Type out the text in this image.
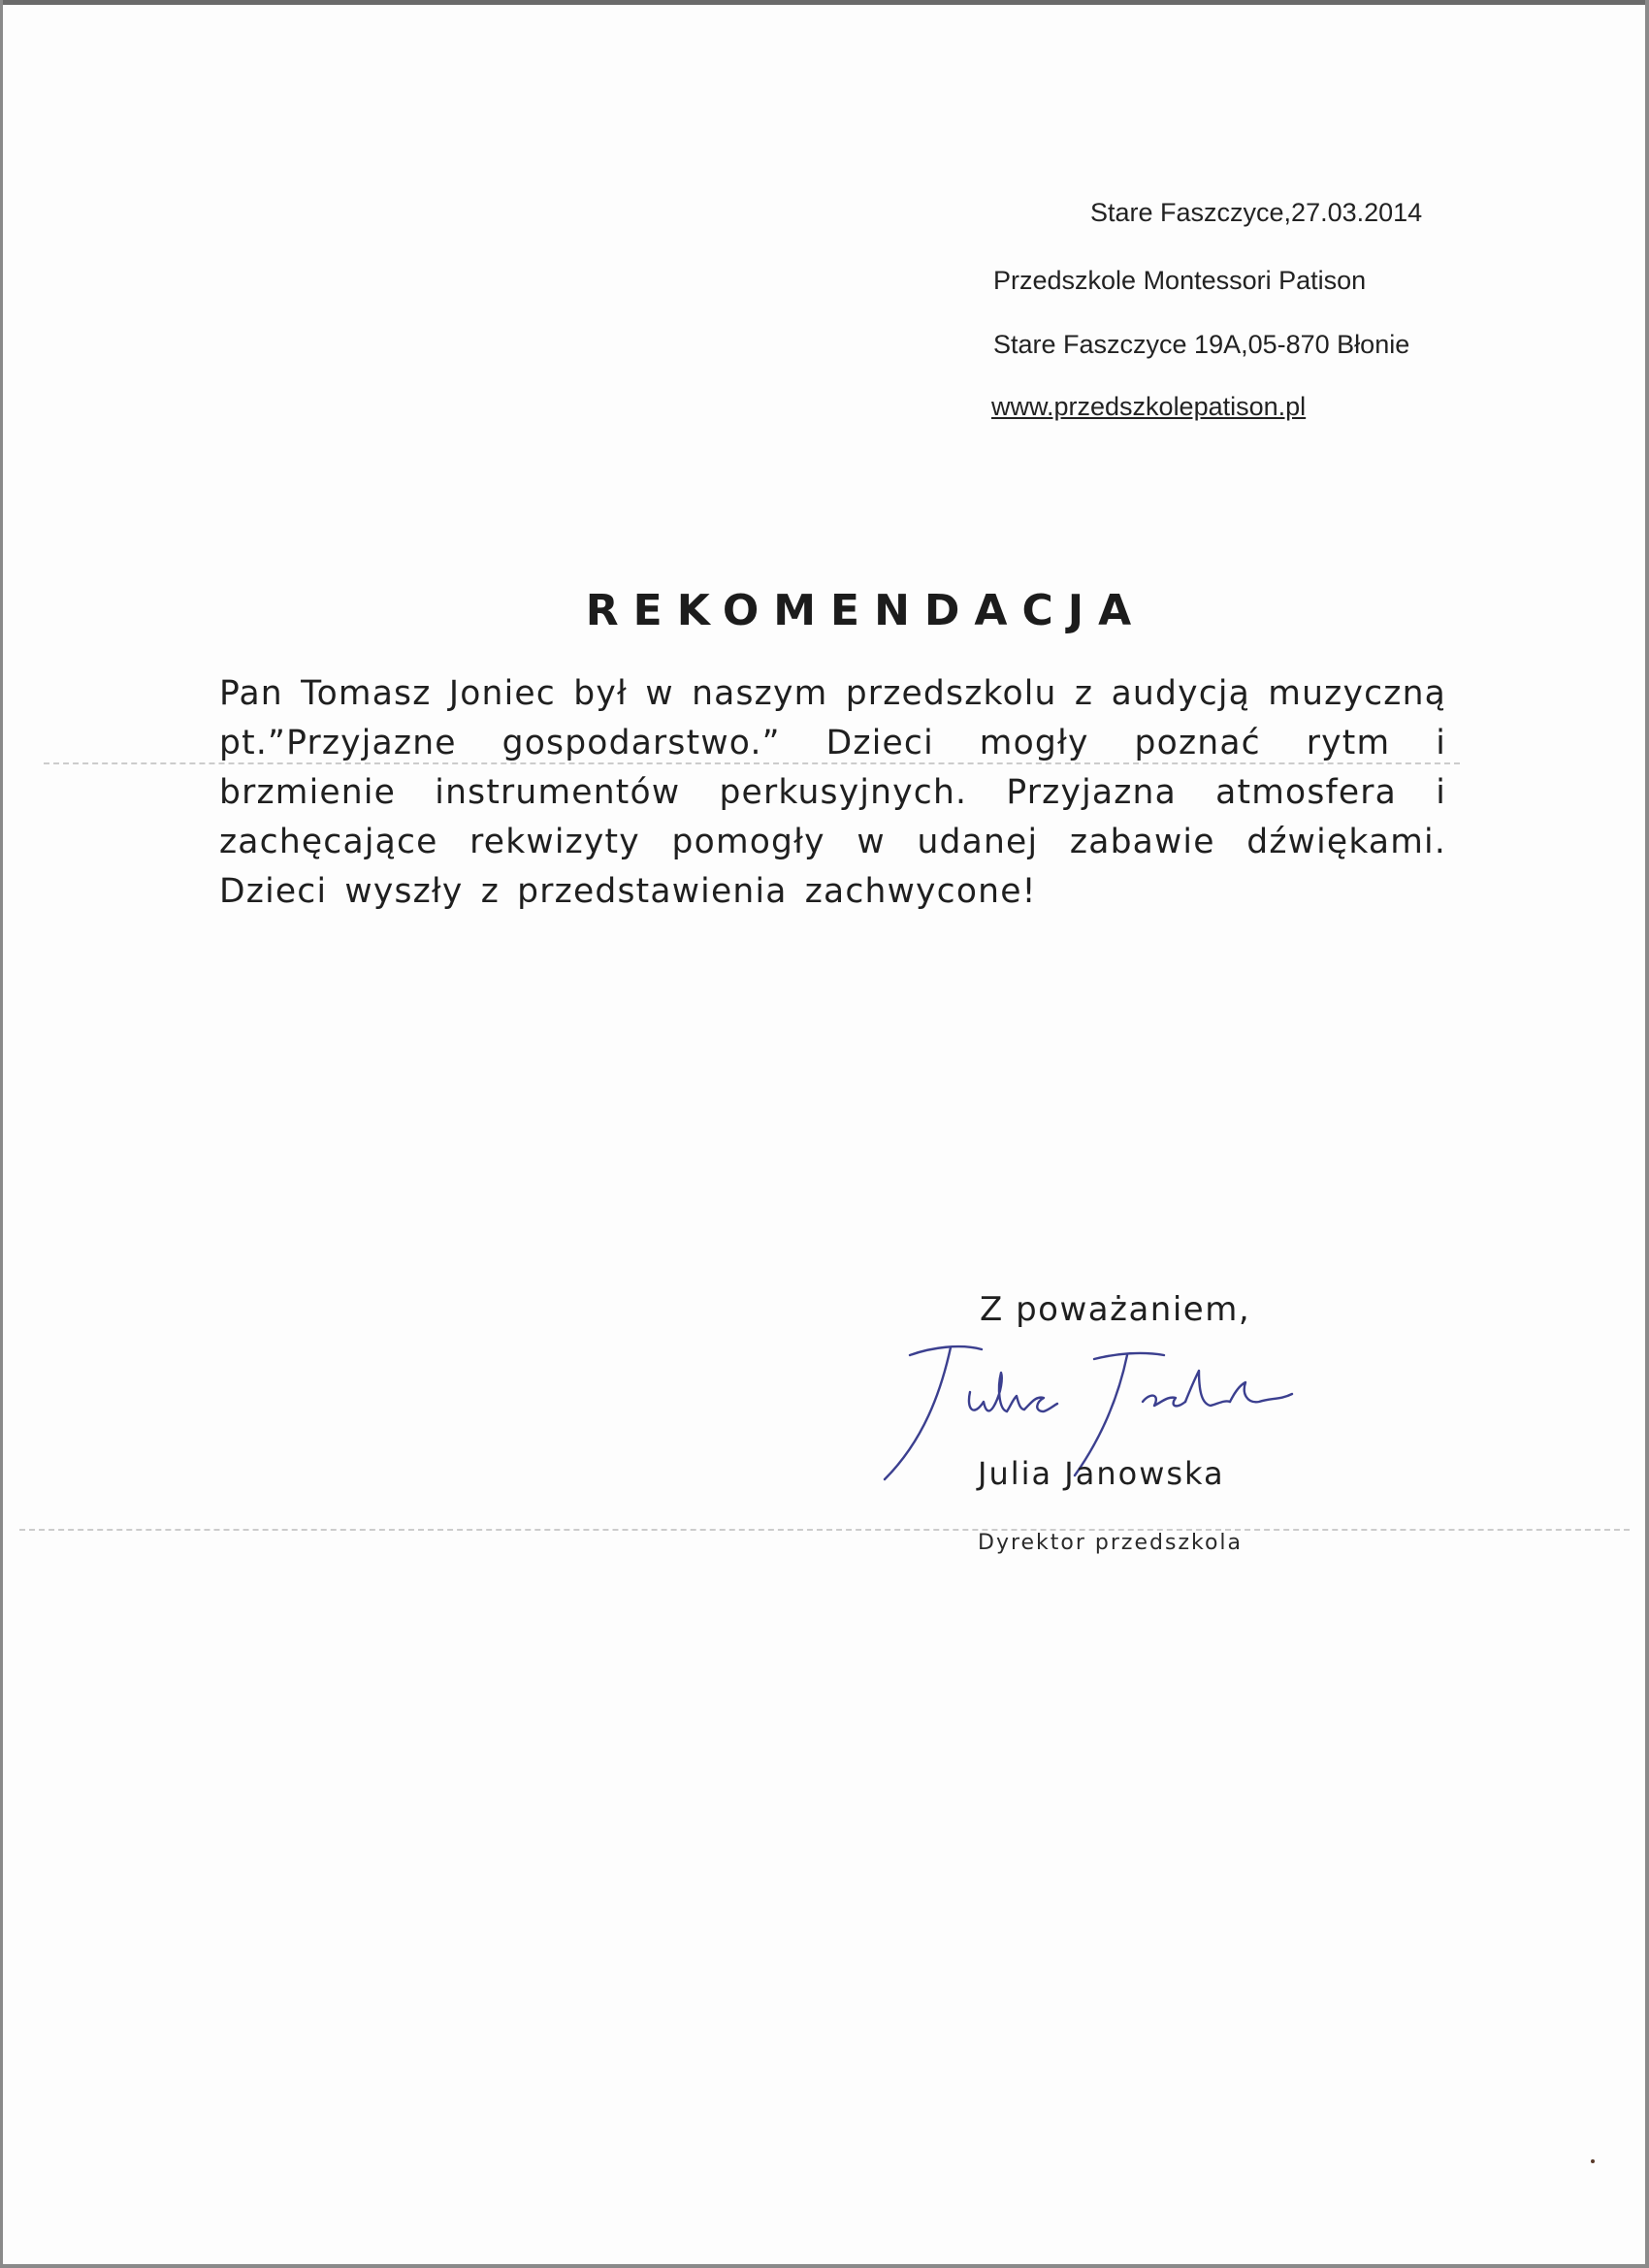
Stare Faszczyce,27.03.2014
Przedszkole Montessori Patison
Stare Faszczyce 19A,05-870 Błonie
www.przedszkolepatison.pl
REKOMENDACJA
Pan Tomasz Joniec był w naszym przedszkolu z audycją muzyczną pt.”Przyjazne gospodarstwo.” Dzieci mogły poznać rytm i brzmienie instrumentów perkusyjnych. Przyjazna atmosfera i zachęcające rekwizyty pomogły w udanej zabawie dźwiękami. Dzieci wyszły z przedstawienia zachwycone!
Z poważaniem,
Julia Janowska
Dyrektor przedszkola
